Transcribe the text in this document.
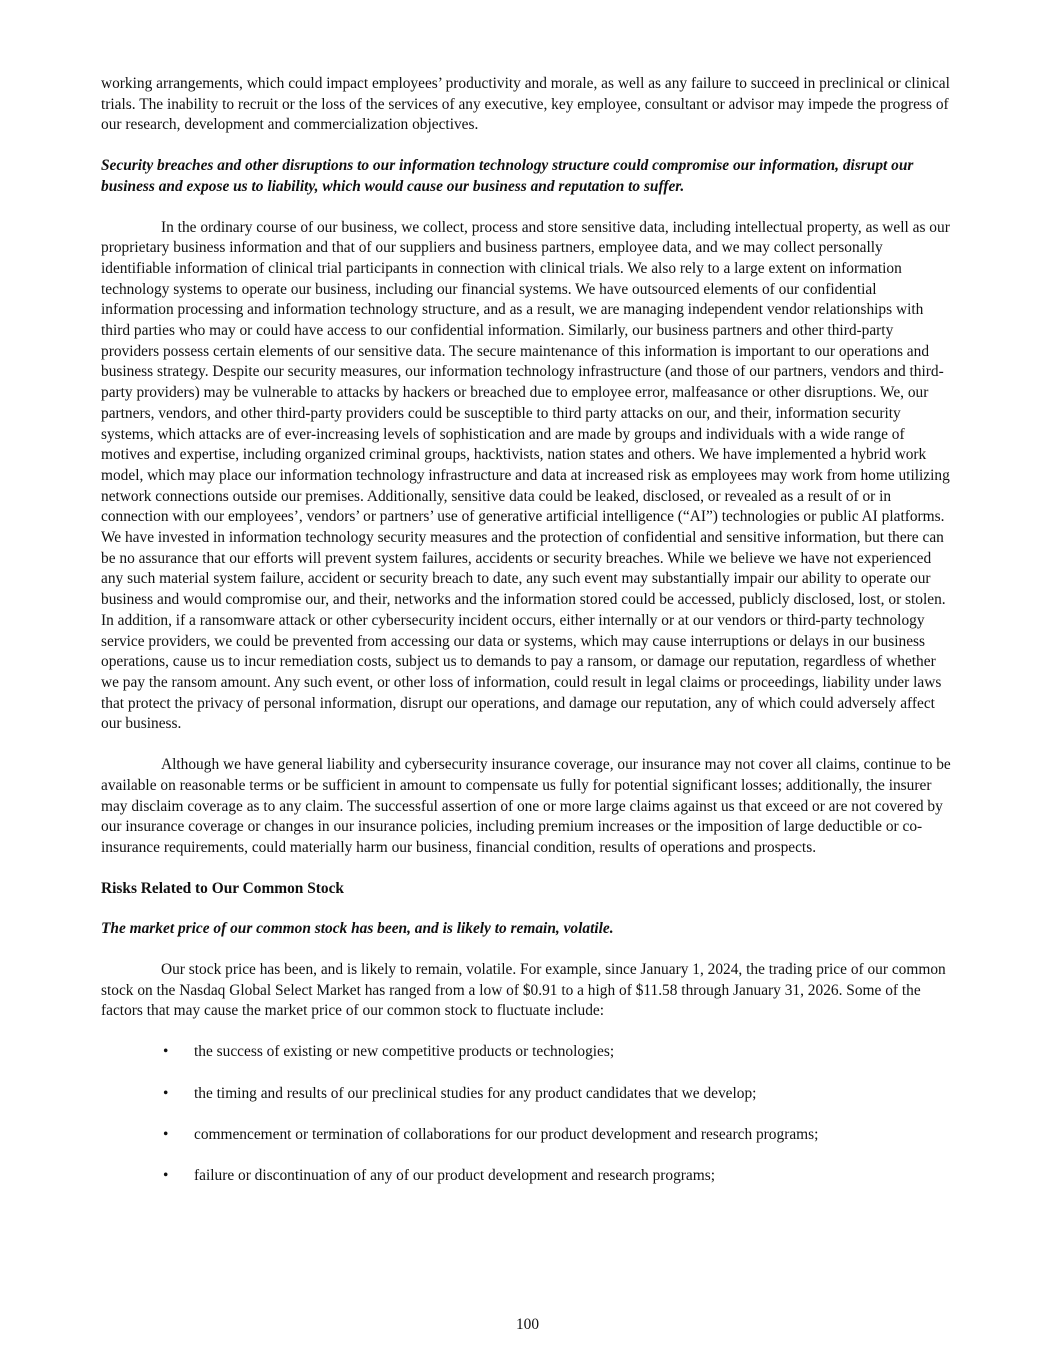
working arrangements, which could impact employees’ productivity and morale, as well as any failure to succeed in preclinical or clinical trials. The inability to recruit or the loss of the services of any executive, key employee, consultant or advisor may impede the progress of our research, development and commercialization objectives.

Security breaches and other disruptions to our information technology structure could compromise our information, disrupt our business and expose us to liability, which would cause our business and reputation to suffer.

In the ordinary course of our business, we collect, process and store sensitive data, including intellectual property, as well as our proprietary business information and that of our suppliers and business partners, employee data, and we may collect personally identifiable information of clinical trial participants in connection with clinical trials. We also rely to a large extent on information technology systems to operate our business, including our financial systems. We have outsourced elements of our confidential information processing and information technology structure, and as a result, we are managing independent vendor relationships with third parties who may or could have access to our confidential information. Similarly, our business partners and other third-party providers possess certain elements of our sensitive data. The secure maintenance of this information is important to our operations and business strategy. Despite our security measures, our information technology infrastructure (and those of our partners, vendors and third-party providers) may be vulnerable to attacks by hackers or breached due to employee error, malfeasance or other disruptions. We, our partners, vendors, and other third-party providers could be susceptible to third party attacks on our, and their, information security systems, which attacks are of ever-increasing levels of sophistication and are made by groups and individuals with a wide range of motives and expertise, including organized criminal groups, hacktivists, nation states and others. We have implemented a hybrid work model, which may place our information technology infrastructure and data at increased risk as employees may work from home utilizing network connections outside our premises. Additionally, sensitive data could be leaked, disclosed, or revealed as a result of or in connection with our employees’, vendors’ or partners’ use of generative artificial intelligence (“AI”) technologies or public AI platforms. We have invested in information technology security measures and the protection of confidential and sensitive information, but there can be no assurance that our efforts will prevent system failures, accidents or security breaches. While we believe we have not experienced any such material system failure, accident or security breach to date, any such event may substantially impair our ability to operate our business and would compromise our, and their, networks and the information stored could be accessed, publicly disclosed, lost, or stolen. In addition, if a ransomware attack or other cybersecurity incident occurs, either internally or at our vendors or third-party technology service providers, we could be prevented from accessing our data or systems, which may cause interruptions or delays in our business operations, cause us to incur remediation costs, subject us to demands to pay a ransom, or damage our reputation, regardless of whether we pay the ransom amount. Any such event, or other loss of information, could result in legal claims or proceedings, liability under laws that protect the privacy of personal information, disrupt our operations, and damage our reputation, any of which could adversely affect our business.

Although we have general liability and cybersecurity insurance coverage, our insurance may not cover all claims, continue to be available on reasonable terms or be sufficient in amount to compensate us fully for potential significant losses; additionally, the insurer may disclaim coverage as to any claim. The successful assertion of one or more large claims against us that exceed or are not covered by our insurance coverage or changes in our insurance policies, including premium increases or the imposition of large deductible or co-insurance requirements, could materially harm our business, financial condition, results of operations and prospects.

Risks Related to Our Common Stock

The market price of our common stock has been, and is likely to remain, volatile.

Our stock price has been, and is likely to remain, volatile. For example, since January 1, 2024, the trading price of our common stock on the Nasdaq Global Select Market has ranged from a low of $0.91 to a high of $11.58 through January 31, 2026. Some of the factors that may cause the market price of our common stock to fluctuate include:

• the success of existing or new competitive products or technologies;
• the timing and results of our preclinical studies for any product candidates that we develop;
• commencement or termination of collaborations for our product development and research programs;
• failure or discontinuation of any of our product development and research programs;
100
